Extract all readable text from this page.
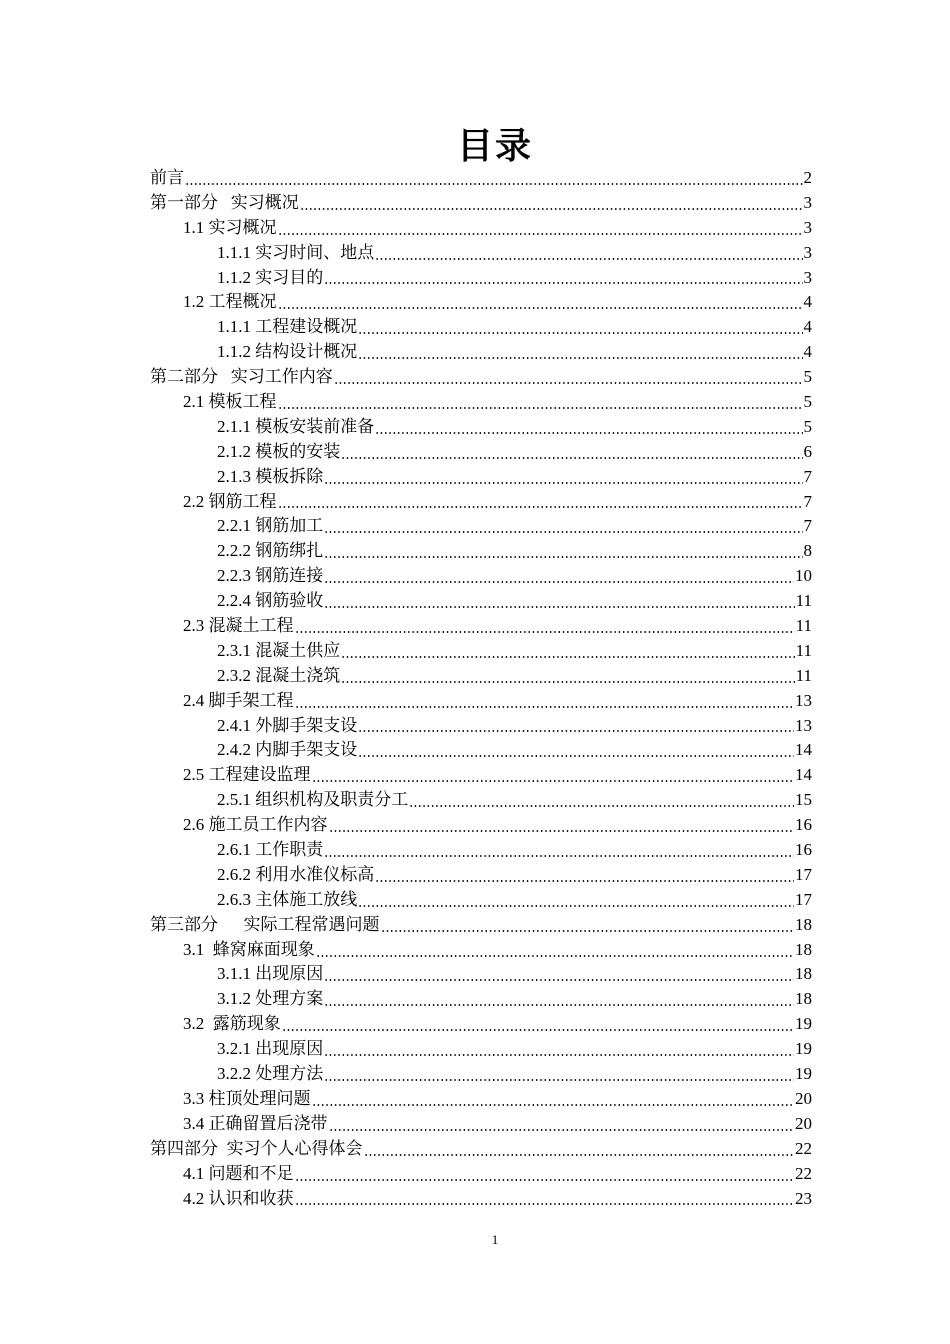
目录
前言	2
第一部分   实习概况	3
1.1 实习概况	3
1.1.1 实习时间、地点	3
1.1.2 实习目的	3
1.2 工程概况	4
1.1.1 工程建设概况	4
1.1.2 结构设计概况	4
第二部分   实习工作内容	5
2.1 模板工程	5
2.1.1 模板安装前准备	5
2.1.2 模板的安装	6
2.1.3 模板拆除	7
2.2 钢筋工程	7
2.2.1 钢筋加工	7
2.2.2 钢筋绑扎	8
2.2.3 钢筋连接	10
2.2.4 钢筋验收	11
2.3 混凝土工程	11
2.3.1 混凝土供应	11
2.3.2 混凝土浇筑	11
2.4 脚手架工程	13
2.4.1 外脚手架支设	13
2.4.2 内脚手架支设	14
2.5 工程建设监理	14
2.5.1 组织机构及职责分工	15
2.6 施工员工作内容	16
2.6.1 工作职责	16
2.6.2 利用水准仪标高	17
2.6.3 主体施工放线	17
第三部分      实际工程常遇问题	18
3.1  蜂窝麻面现象	18
3.1.1 出现原因	18
3.1.2 处理方案	18
3.2  露筋现象	19
3.2.1 出现原因	19
3.2.2 处理方法	19
3.3 柱顶处理问题	20
3.4 正确留置后浇带	20
第四部分  实习个人心得体会	22
4.1 问题和不足	22
4.2 认识和收获	23
1
